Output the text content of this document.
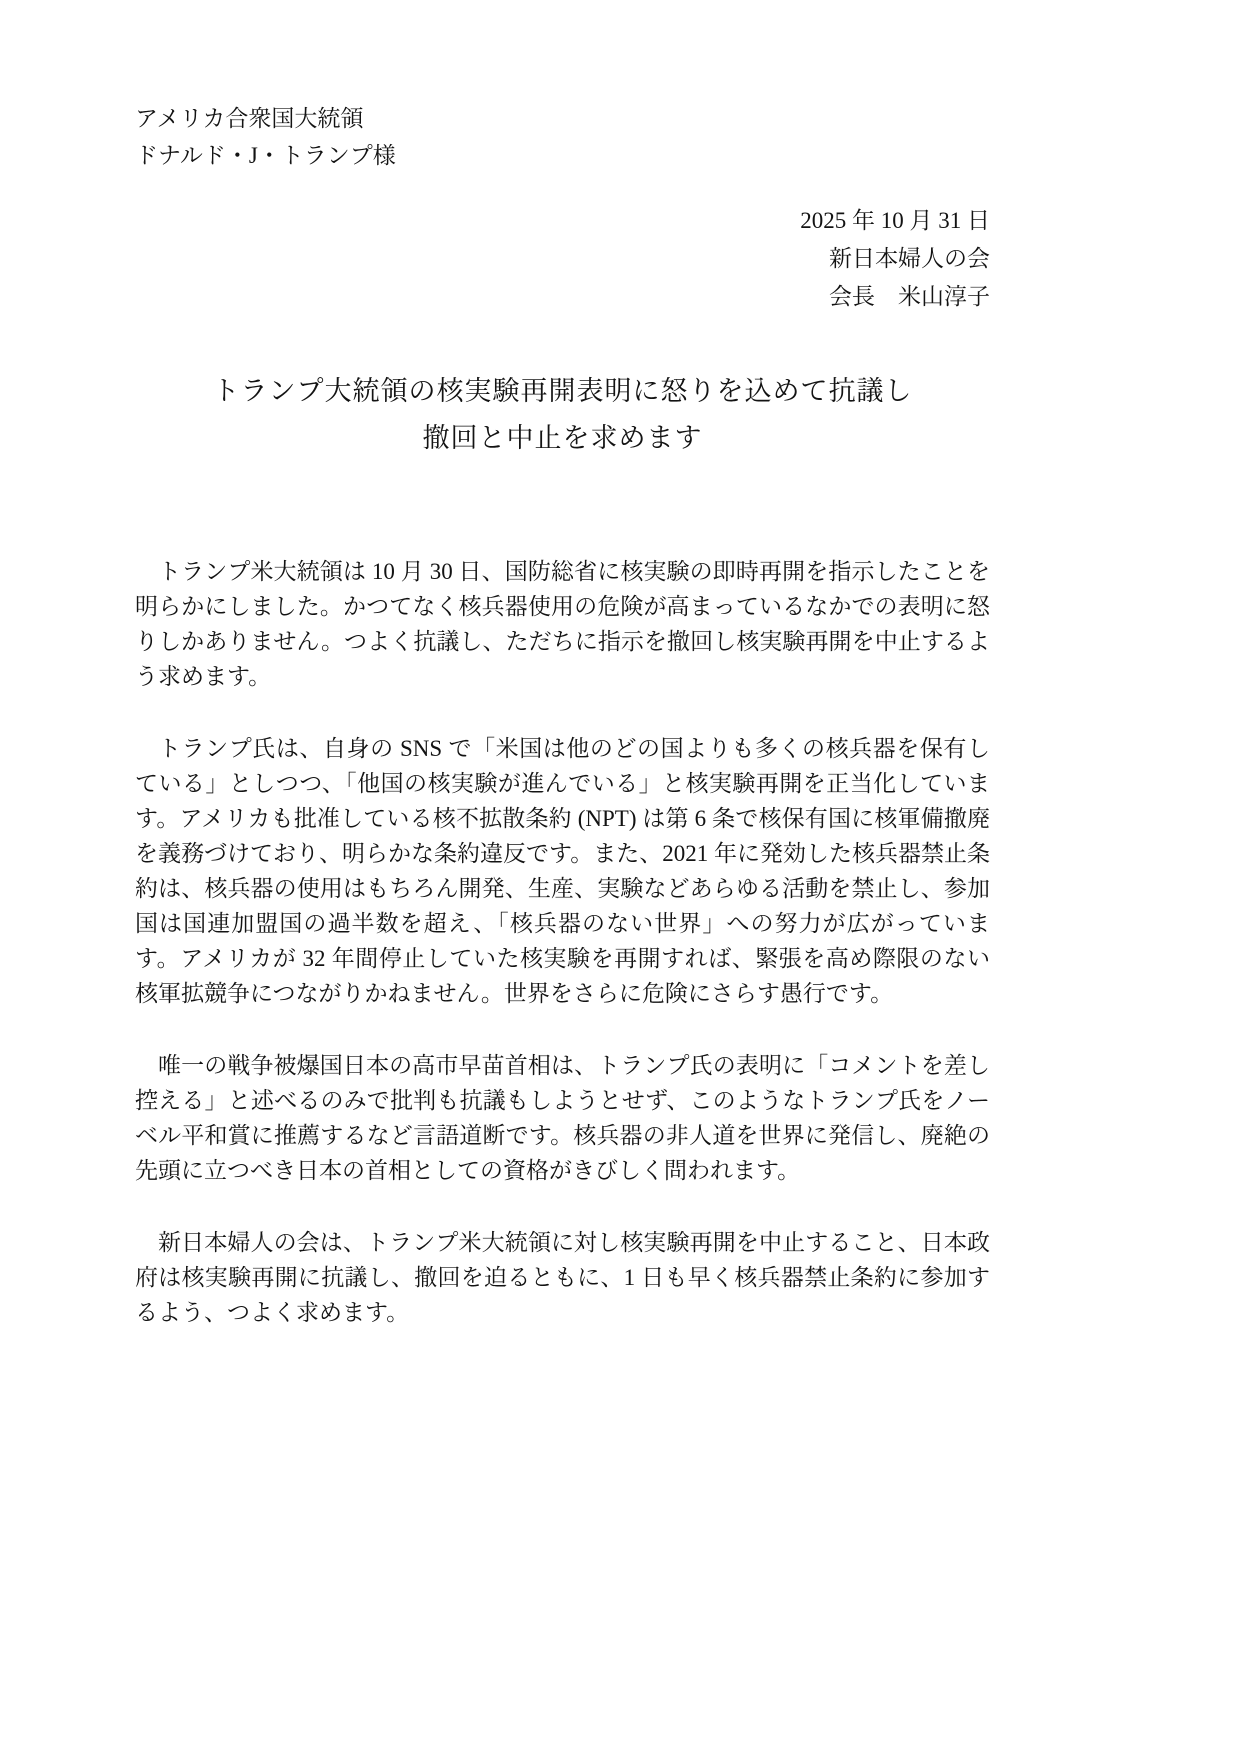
アメリカ合衆国大統領
ドナルド・J・トランプ様
2025 年 10 月 31 日
新日本婦人の会
会長　米山淳子
トランプ大統領の核実験再開表明に怒りを込めて抗議し
撤回と中止を求めます

トランプ米大統領は 10 月 30 日、国防総省に核実験の即時再開を指示したことを明らかにしました。かつてなく核兵器使用の危険が高まっているなかでの表明に怒りしかありません。つよく抗議し、ただちに指示を撤回し核実験再開を中止するよう求めます。

トランプ氏は、自身の SNS で「米国は他のどの国よりも多くの核兵器を保有している」としつつ、「他国の核実験が進んでいる」と核実験再開を正当化しています。アメリカも批准している核不拡散条約 (NPT) は第 6 条で核保有国に核軍備撤廃を義務づけており、明らかな条約違反です。また、2021 年に発効した核兵器禁止条約は、核兵器の使用はもちろん開発、生産、実験などあらゆる活動を禁止し、参加国は国連加盟国の過半数を超え、「核兵器のない世界」への努力が広がっています。アメリカが 32 年間停止していた核実験を再開すれば、緊張を高め際限のない核軍拡競争につながりかねません。世界をさらに危険にさらす愚行です。

唯一の戦争被爆国日本の高市早苗首相は、トランプ氏の表明に「コメントを差し控える」と述べるのみで批判も抗議もしようとせず、このようなトランプ氏をノーベル平和賞に推薦するなど言語道断です。核兵器の非人道を世界に発信し、廃絶の先頭に立つべき日本の首相としての資格がきびしく問われます。

新日本婦人の会は、トランプ米大統領に対し核実験再開を中止すること、日本政府は核実験再開に抗議し、撤回を迫るともに、1 日も早く核兵器禁止条約に参加するよう、つよく求めます。
